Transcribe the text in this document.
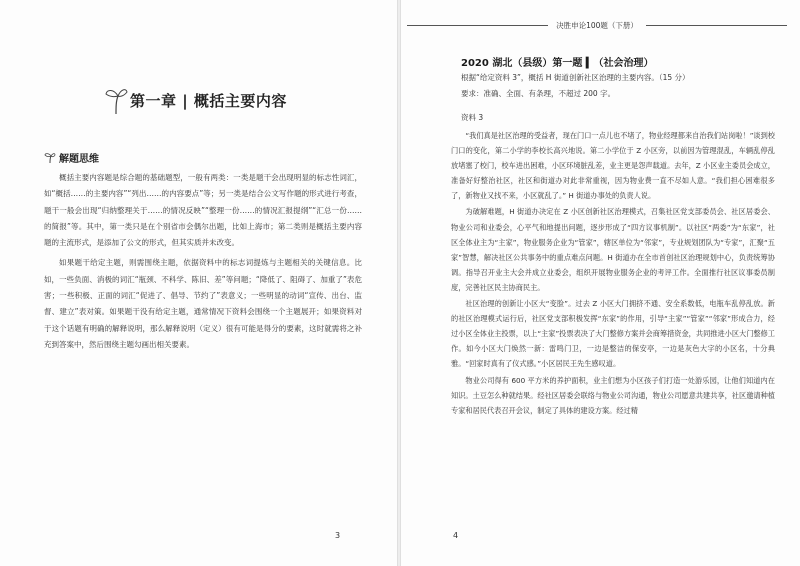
第一章 | 概括主要内容
解题思维

概括主要内容题是综合题的基础题型，一般有两类：一类是题干会出现明显的标志性词汇，如“概括……的主要内容”“列出……的内容要点”等；另一类是结合公文写作题的形式进行考查，题干一般会出现“归纳整理关于……的情况反映”“整理一份……的情况汇报提纲”“汇总一份……的简报”等。其中，第一类只是在个别省市会偶尔出题，比如上海市；第二类则是概括主要内容题的主流形式，是添加了公文的形式，但其实质并未改变。

如果题干给定主题，则需围绕主题，依据资料中的标志词提炼与主题相关的关键信息。比如，一些负面、消极的词汇“瓶颈、不科学、陈旧、差”等问题；“降低了、阻碍了、加重了”表危害；一些积极、正面的词汇“促进了、倡导、节约了”表意义；一些明显的动词“宣传、出台、监督、建立”表对策。如果题干没有给定主题，通常情况下资料会围绕一个主题展开；如果资料对于这个话题有明确的解释说明，那么解释说明（定义）很有可能是得分的要素，这时就需将之补充到答案中，然后围绕主题勾画出相关要素。

3
决胜申论100题（下册）
2020 湖北（县级）第一题 ▍（社会治理）
根据“给定资料 3”，概括 H 街道创新社区治理的主要内容。（15 分）
要求：准确、全面、有条理，不超过 200 字。
资料 3

“我们真是社区治理的受益者，现在门口一点儿也不堵了，物业经理都来自治我们站岗啦！”谈到校门口的变化，第二小学的李校长高兴地说。第二小学位于 Z 小区旁，以前因为管理混乱，车辆乱停乱放堵塞了校门，校车进出困难，小区环境脏乱差，业主更是怨声载道。去年，Z 小区业主委员会成立，准备好好整治社区，社区和街道办对此非常重视，因为物业费一直不尽如人意。“我们担心困难很多了，新物业又找不来，小区就乱了。” H 街道办事处的负责人说。

为破解难题，H 街道办决定在 Z 小区创新社区治理模式，召集社区党支部委员会、社区居委会、物业公司和业委会，心平气和地提出问题，逐步形成了“四方议事机制”。以社区“两委”为“东家”，社区全体业主为“主家”，物业服务企业为“管家”，辖区单位为“邻家”，专业规划团队为“专家”，汇聚“五家”智慧，解决社区公共事务中的重点难点问题。H 街道办在全市首创社区治理规划中心，负责统筹协调。指导召开业主大会并成立业委会，组织开展物业服务企业的考评工作。全面推行社区议事委员制度，完善社区民主协商民主。

社区治理的创新让小区大“变脸”。过去 Z 小区大门拥挤不通、安全系数低，电瓶车乱停乱放。新的社区治理模式运行后，社区党支部积极发挥“东家”的作用，引导“主家”“管家”“邻家”形成合力，经过小区全体业主投票，以上“主家”投票表决了大门整修方案并会商筹措资金，共同推进小区大门整修工作。如今小区大门焕然一新：雷鸣门卫，一边是整洁的保安亭，一边是灰色大字的小区名，十分典雅。“回家时真有了仪式感。”小区居民王先生感叹道。

物业公司得有 600 平方米的养护面积，业主们想为小区孩子们打造一处游乐园，让他们知道内在知识。土豆怎么种就结果。经社区居委会联络与物业公司沟通，物业公司愿意共建共享，社区邀请种植专家和居民代表召开会议，制定了具体的建设方案。经过精

4
